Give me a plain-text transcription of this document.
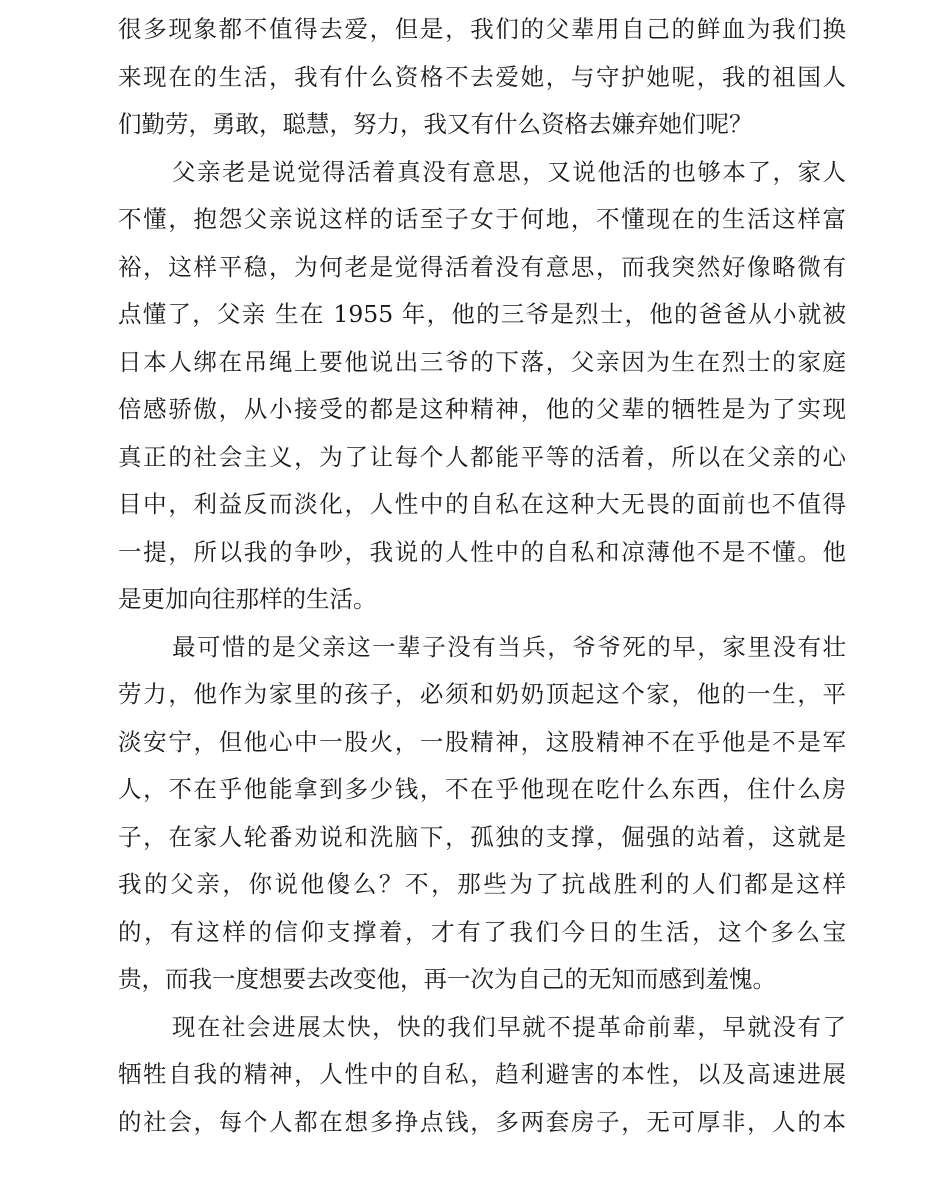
很多现象都不值得去爱，但是，我们的父辈用自己的鲜血为我们换
来现在的生活，我有什么资格不去爱她，与守护她呢，我的祖国人
们勤劳，勇敢，聪慧，努力，我又有什么资格去嫌弃她们呢？
父亲老是说觉得活着真没有意思，又说他活的也够本了，家人
不懂，抱怨父亲说这样的话至子女于何地，不懂现在的生活这样富
裕，这样平稳，为何老是觉得活着没有意思，而我突然好像略微有
点懂了，父亲 生在 1955 年，他的三爷是烈士，他的爸爸从小就被
日本人绑在吊绳上要他说出三爷的下落，父亲因为生在烈士的家庭
倍感骄傲，从小接受的都是这种精神，他的父辈的牺牲是为了实现
真正的社会主义，为了让每个人都能平等的活着，所以在父亲的心
目中，利益反而淡化，人性中的自私在这种大无畏的面前也不值得
一提，所以我的争吵，我说的人性中的自私和凉薄他不是不懂。他
是更加向往那样的生活。
最可惜的是父亲这一辈子没有当兵，爷爷死的早，家里没有壮
劳力，他作为家里的孩子，必须和奶奶顶起这个家，他的一生，平
淡安宁，但他心中一股火，一股精神，这股精神不在乎他是不是军
人，不在乎他能拿到多少钱，不在乎他现在吃什么东西，住什么房
子，在家人轮番劝说和洗脑下，孤独的支撑，倔强的站着，这就是
我的父亲，你说他傻么？不，那些为了抗战胜利的人们都是这样
的，有这样的信仰支撑着，才有了我们今日的生活，这个多么宝
贵，而我一度想要去改变他，再一次为自己的无知而感到羞愧。
现在社会进展太快，快的我们早就不提革命前辈，早就没有了
牺牲自我的精神，人性中的自私，趋利避害的本性，以及高速进展
的社会，每个人都在想多挣点钱，多两套房子，无可厚非，人的本
